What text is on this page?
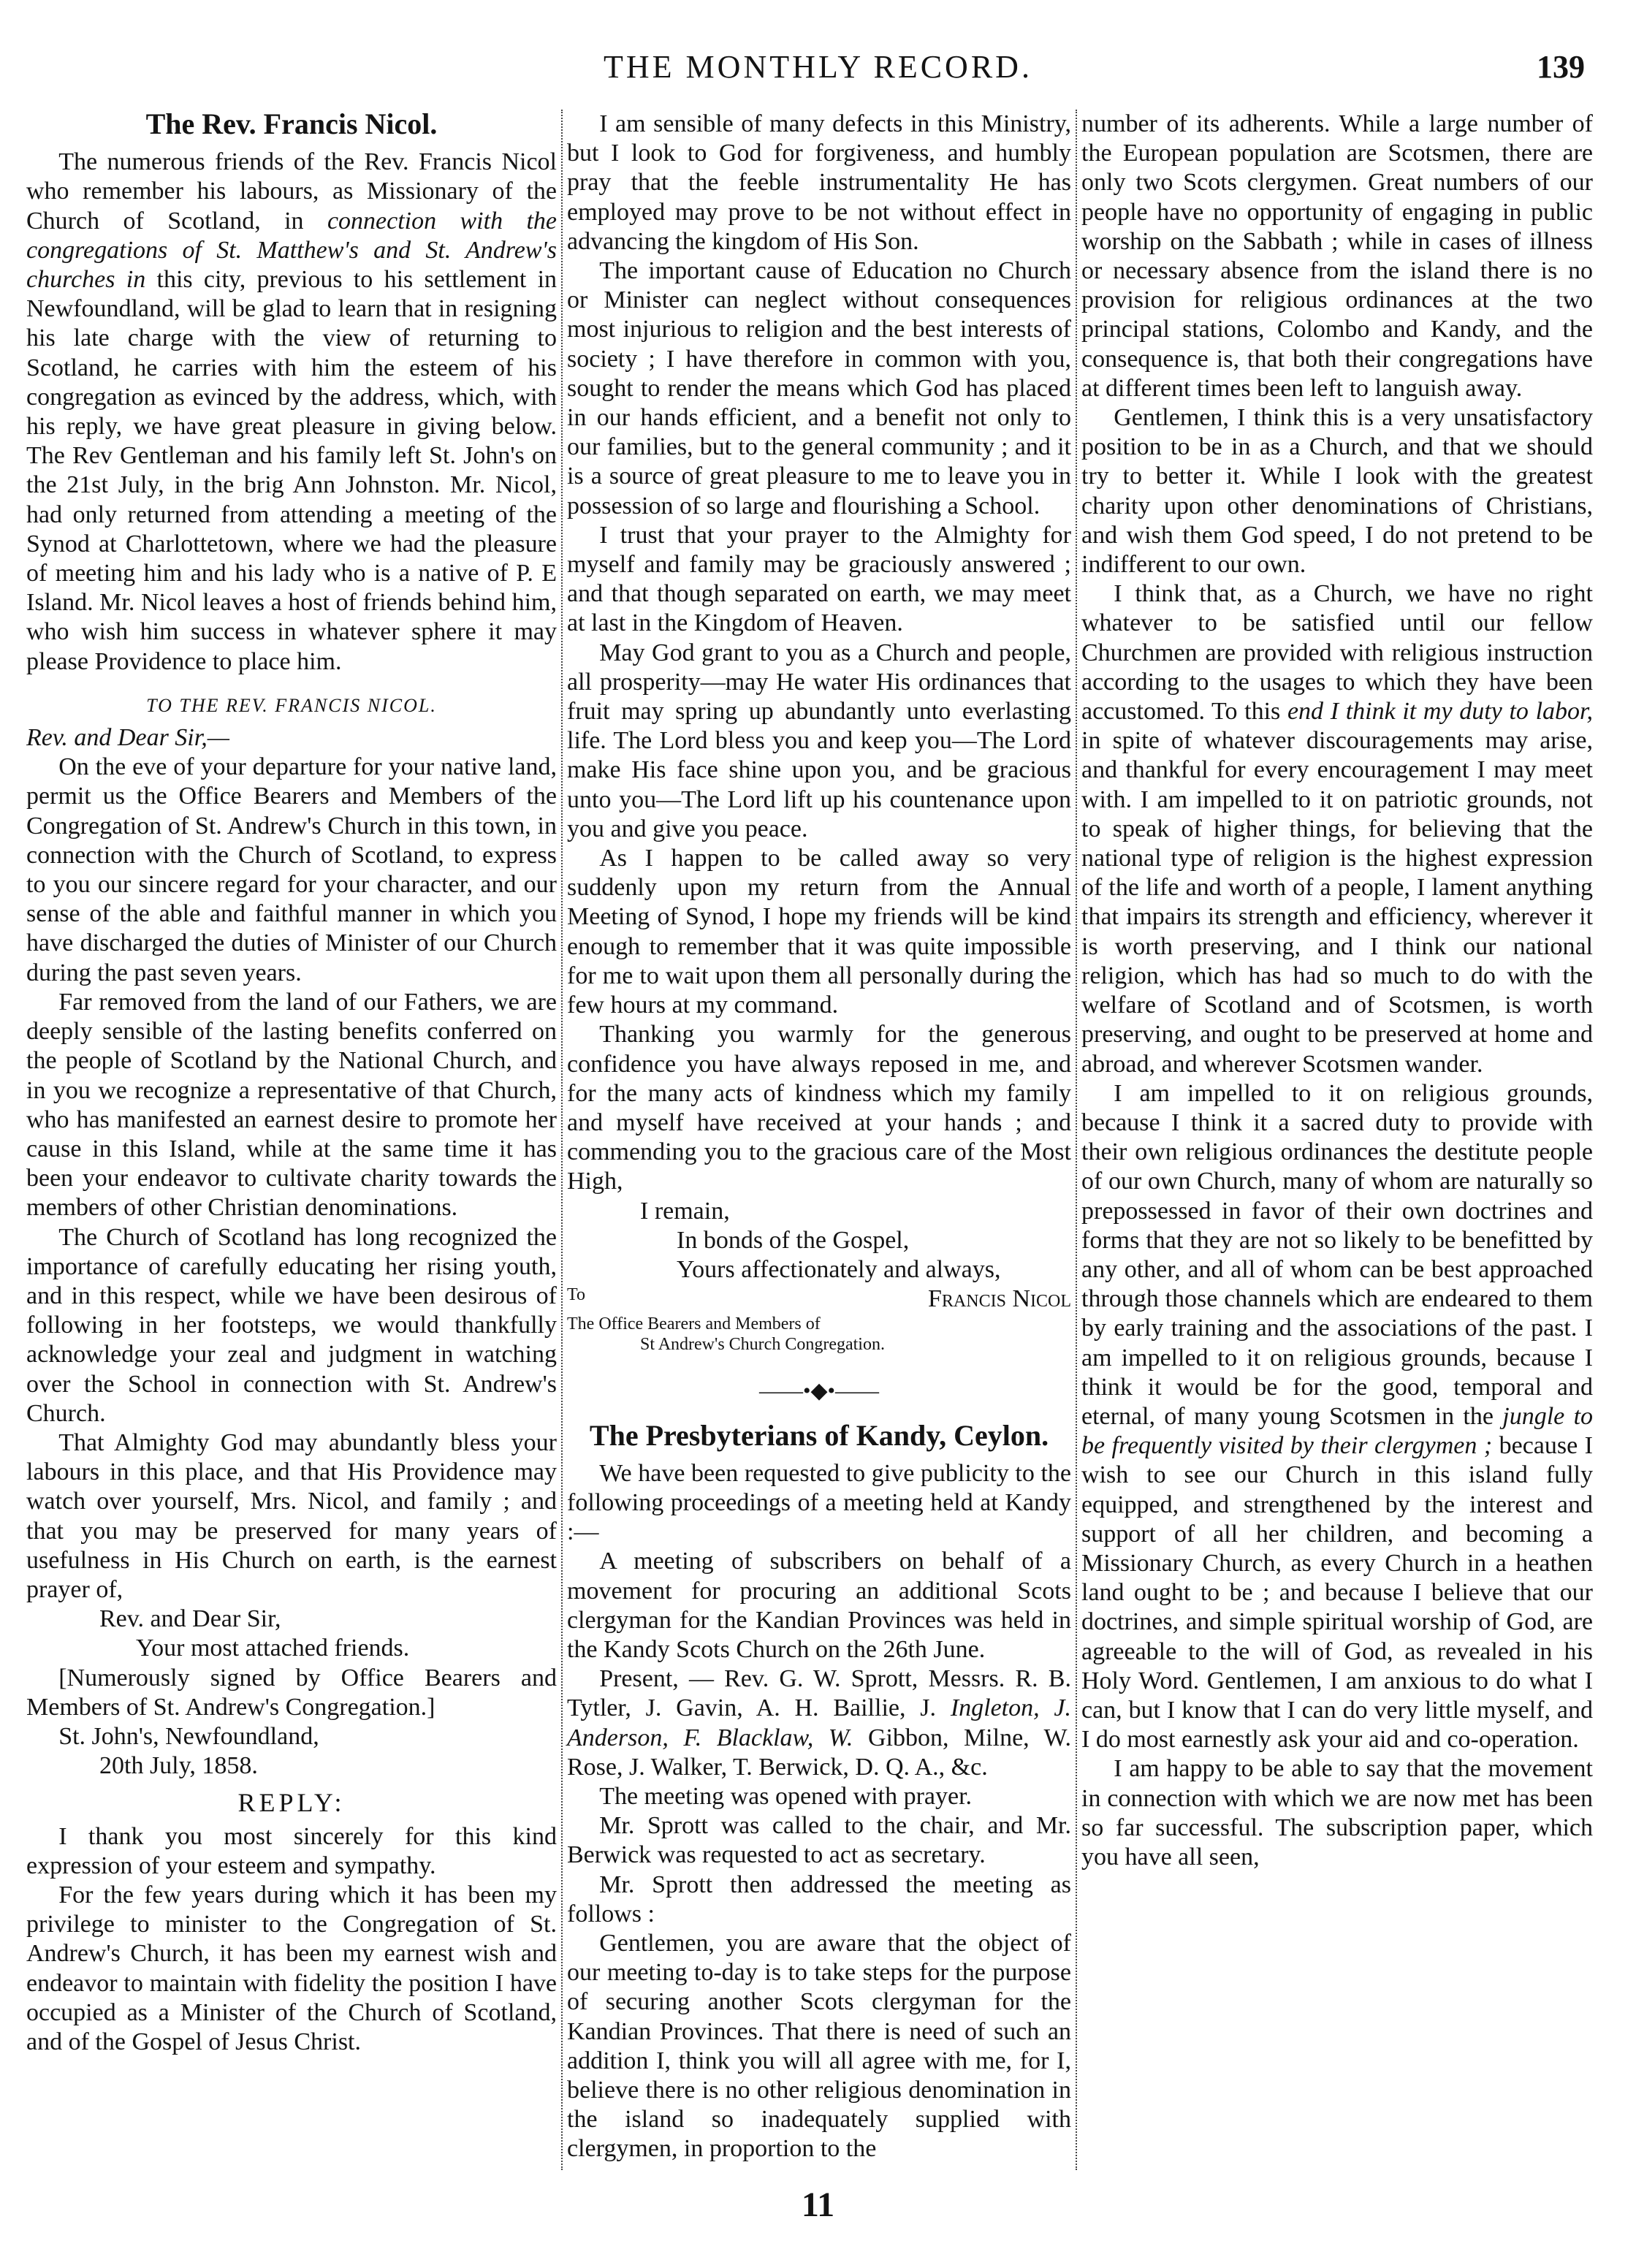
THE MONTHLY RECORD.	139
The Rev. Francis Nicol.

The numerous friends of the Rev. Francis Nicol who remember his labours, as Missionary of the Church of Scotland, in connection with the congregations of St. Matthew's and St. Andrew's churches in this city, previous to his settlement in Newfoundland, will be glad to learn that in resigning his late charge with the view of returning to Scotland, he carries with him the esteem of his congregation as evinced by the address, which, with his reply, we have great pleasure in giving below. The Rev Gentleman and his family left St. John's on the 21st July, in the brig Ann Johnston. Mr. Nicol, had only returned from attending a meeting of the Synod at Charlottetown, where we had the pleasure of meeting him and his lady who is a native of P. E Island. Mr. Nicol leaves a host of friends behind him, who wish him success in whatever sphere it may please Providence to place him.

TO THE REV. FRANCIS NICOL.

Rev. and Dear Sir,—

On the eve of your departure for your native land, permit us the Office Bearers and Members of the Congregation of St. Andrew's Church in this town, in connection with the Church of Scotland, to express to you our sincere regard for your character, and our sense of the able and faithful manner in which you have discharged the duties of Minister of our Church during the past seven years.

Far removed from the land of our Fathers, we are deeply sensible of the lasting benefits conferred on the people of Scotland by the National Church, and in you we recognize a representative of that Church, who has manifested an earnest desire to promote her cause in this Island, while at the same time it has been your endeavor to cultivate charity towards the members of other Christian denominations.

The Church of Scotland has long recognized the importance of carefully educating her rising youth, and in this respect, while we have been desirous of following in her footsteps, we would thankfully acknowledge your zeal and judgment in watching over the School in connection with St. Andrew's Church.

That Almighty God may abundantly bless your labours in this place, and that His Providence may watch over yourself, Mrs. Nicol, and family ; and that you may be preserved for many years of usefulness in His Church on earth, is the earnest prayer of,

Rev. and Dear Sir,

Your most attached friends.

[Numerously signed by Office Bearers and Members of St. Andrew's Congregation.]

St. John's, Newfoundland,

20th July, 1858.

REPLY:

I thank you most sincerely for this kind expression of your esteem and sympathy.

For the few years during which it has been my privilege to minister to the Congregation of St. Andrew's Church, it has been my earnest wish and endeavor to maintain with fidelity the position I have occupied as a Minister of the Church of Scotland, and of the Gospel of Jesus Christ.

I am sensible of many defects in this Ministry, but I look to God for forgiveness, and humbly pray that the feeble instrumentality He has employed may prove to be not without effect in advancing the kingdom of His Son.

The important cause of Education no Church or Minister can neglect without consequences most injurious to religion and the best interests of society ; I have therefore in common with you, sought to render the means which God has placed in our hands efficient, and a benefit not only to our families, but to the general community ; and it is a source of great pleasure to me to leave you in possession of so large and flourishing a School.

I trust that your prayer to the Almighty for myself and family may be graciously answered ; and that though separated on earth, we may meet at last in the Kingdom of Heaven.

May God grant to you as a Church and people, all prosperity—may He water His ordinances that fruit may spring up abundantly unto everlasting life. The Lord bless you and keep you—The Lord make His face shine upon you, and be gracious unto you—The Lord lift up his countenance upon you and give you peace.

As I happen to be called away so very suddenly upon my return from the Annual Meeting of Synod, I hope my friends will be kind enough to remember that it was quite impossible for me to wait upon them all personally during the few hours at my command.

Thanking you warmly for the generous confidence you have always reposed in me, and for the many acts of kindness which my family and myself have received at your hands ; and commending you to the gracious care of the Most High,

I remain,

In bonds of the Gospel,

Yours affectionately and always,

To	Francis Nicol

The Office Bearers and Members of

St Andrew's Church Congregation.

——•◆•——

The Presbyterians of Kandy, Ceylon.

We have been requested to give publicity to the following proceedings of a meeting held at Kandy :—

A meeting of subscribers on behalf of a movement for procuring an additional Scots clergyman for the Kandian Provinces was held in the Kandy Scots Church on the 26th June.

Present, — Rev. G. W. Sprott, Messrs. R. B. Tytler, J. Gavin, A. H. Baillie, J. Ingleton, J. Anderson, F. Blacklaw, W. Gibbon, Milne, W. Rose, J. Walker, T. Berwick, D. Q. A., &c.

The meeting was opened with prayer.

Mr. Sprott was called to the chair, and Mr. Berwick was requested to act as secretary.

Mr. Sprott then addressed the meeting as follows :

Gentlemen, you are aware that the object of our meeting to-day is to take steps for the purpose of securing another Scots clergyman for the Kandian Provinces. That there is need of such an addition I, think you will all agree with me, for I, believe there is no other religious denomination in the island so inadequately supplied with clergymen, in proportion to the

number of its adherents. While a large number of the European population are Scotsmen, there are only two Scots clergymen. Great numbers of our people have no opportunity of engaging in public worship on the Sabbath ; while in cases of illness or necessary absence from the island there is no provision for religious ordinances at the two principal stations, Colombo and Kandy, and the consequence is, that both their congregations have at different times been left to languish away.

Gentlemen, I think this is a very unsatisfactory position to be in as a Church, and that we should try to better it. While I look with the greatest charity upon other denominations of Christians, and wish them God speed, I do not pretend to be indifferent to our own.

I think that, as a Church, we have no right whatever to be satisfied until our fellow Churchmen are provided with religious instruction according to the usages to which they have been accustomed. To this end I think it my duty to labor, in spite of whatever discouragements may arise, and thankful for every encouragement I may meet with. I am impelled to it on patriotic grounds, not to speak of higher things, for believing that the national type of religion is the highest expression of the life and worth of a people, I lament anything that impairs its strength and efficiency, wherever it is worth preserving, and I think our national religion, which has had so much to do with the welfare of Scotland and of Scotsmen, is worth preserving, and ought to be preserved at home and abroad, and wherever Scotsmen wander.

I am impelled to it on religious grounds, because I think it a sacred duty to provide with their own religious ordinances the destitute people of our own Church, many of whom are naturally so prepossessed in favor of their own doctrines and forms that they are not so likely to be benefitted by any other, and all of whom can be best approached through those channels which are endeared to them by early training and the associations of the past. I am impelled to it on religious grounds, because I think it would be for the good, temporal and eternal, of many young Scotsmen in the jungle to be frequently visited by their clergymen ; because I wish to see our Church in this island fully equipped, and strengthened by the interest and support of all her children, and becoming a Missionary Church, as every Church in a heathen land ought to be ; and because I believe that our doctrines, and simple spiritual worship of God, are agreeable to the will of God, as revealed in his Holy Word. Gentlemen, I am anxious to do what I can, but I know that I can do very little myself, and I do most earnestly ask your aid and co-operation.

I am happy to be able to say that the movement in connection with which we are now met has been so far successful. The subscription paper, which you have all seen,

11
